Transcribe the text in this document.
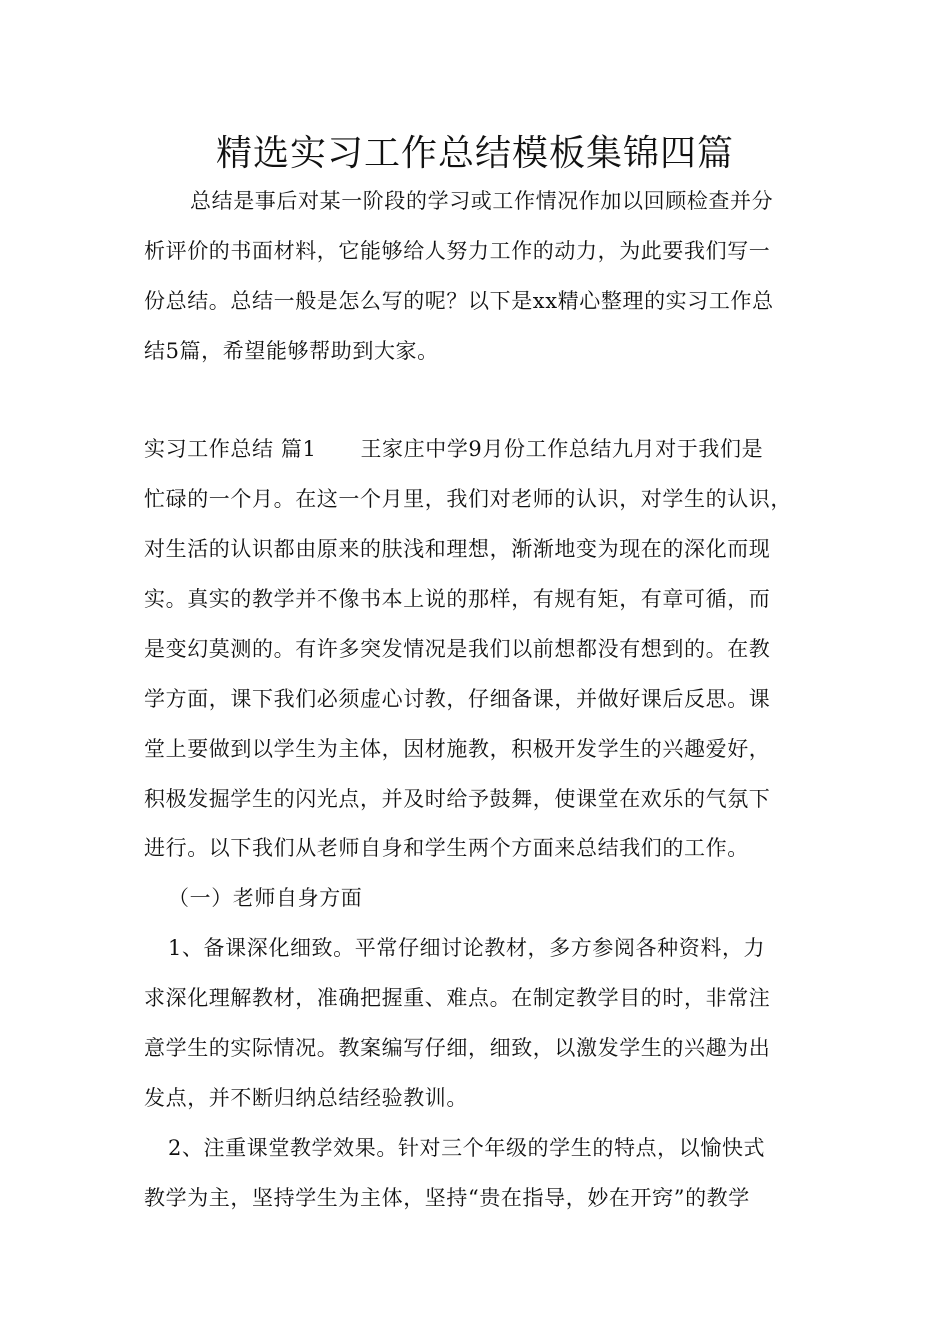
精选实习工作总结模板集锦四篇
总结是事后对某一阶段的学习或工作情况作加以回顾检查并分
析评价的书面材料，它能够给人努力工作的动力，为此要我们写一
份总结。总结一般是怎么写的呢？以下是xx精心整理的实习工作总
结5篇，希望能够帮助到大家。
实习工作总结 篇1 王家庄中学9月份工作总结九月对于我们是
忙碌的一个月。在这一个月里，我们对老师的认识，对学生的认识，
对生活的认识都由原来的肤浅和理想，渐渐地变为现在的深化而现
实。真实的教学并不像书本上说的那样，有规有矩，有章可循，而
是变幻莫测的。有许多突发情况是我们以前想都没有想到的。在教
学方面，课下我们必须虚心讨教，仔细备课，并做好课后反思。课
堂上要做到以学生为主体，因材施教，积极开发学生的兴趣爱好，
积极发掘学生的闪光点，并及时给予鼓舞，使课堂在欢乐的气氛下
进行。以下我们从老师自身和学生两个方面来总结我们的工作。
（一）老师自身方面
1、备课深化细致。平常仔细讨论教材，多方参阅各种资料，力
求深化理解教材，准确把握重、难点。在制定教学目的时，非常注
意学生的实际情况。教案编写仔细，细致，以激发学生的兴趣为出
发点，并不断归纳总结经验教训。
2、注重课堂教学效果。针对三个年级的学生的特点，以愉快式
教学为主，坚持学生为主体，坚持“贵在指导，妙在开窍”的教学
